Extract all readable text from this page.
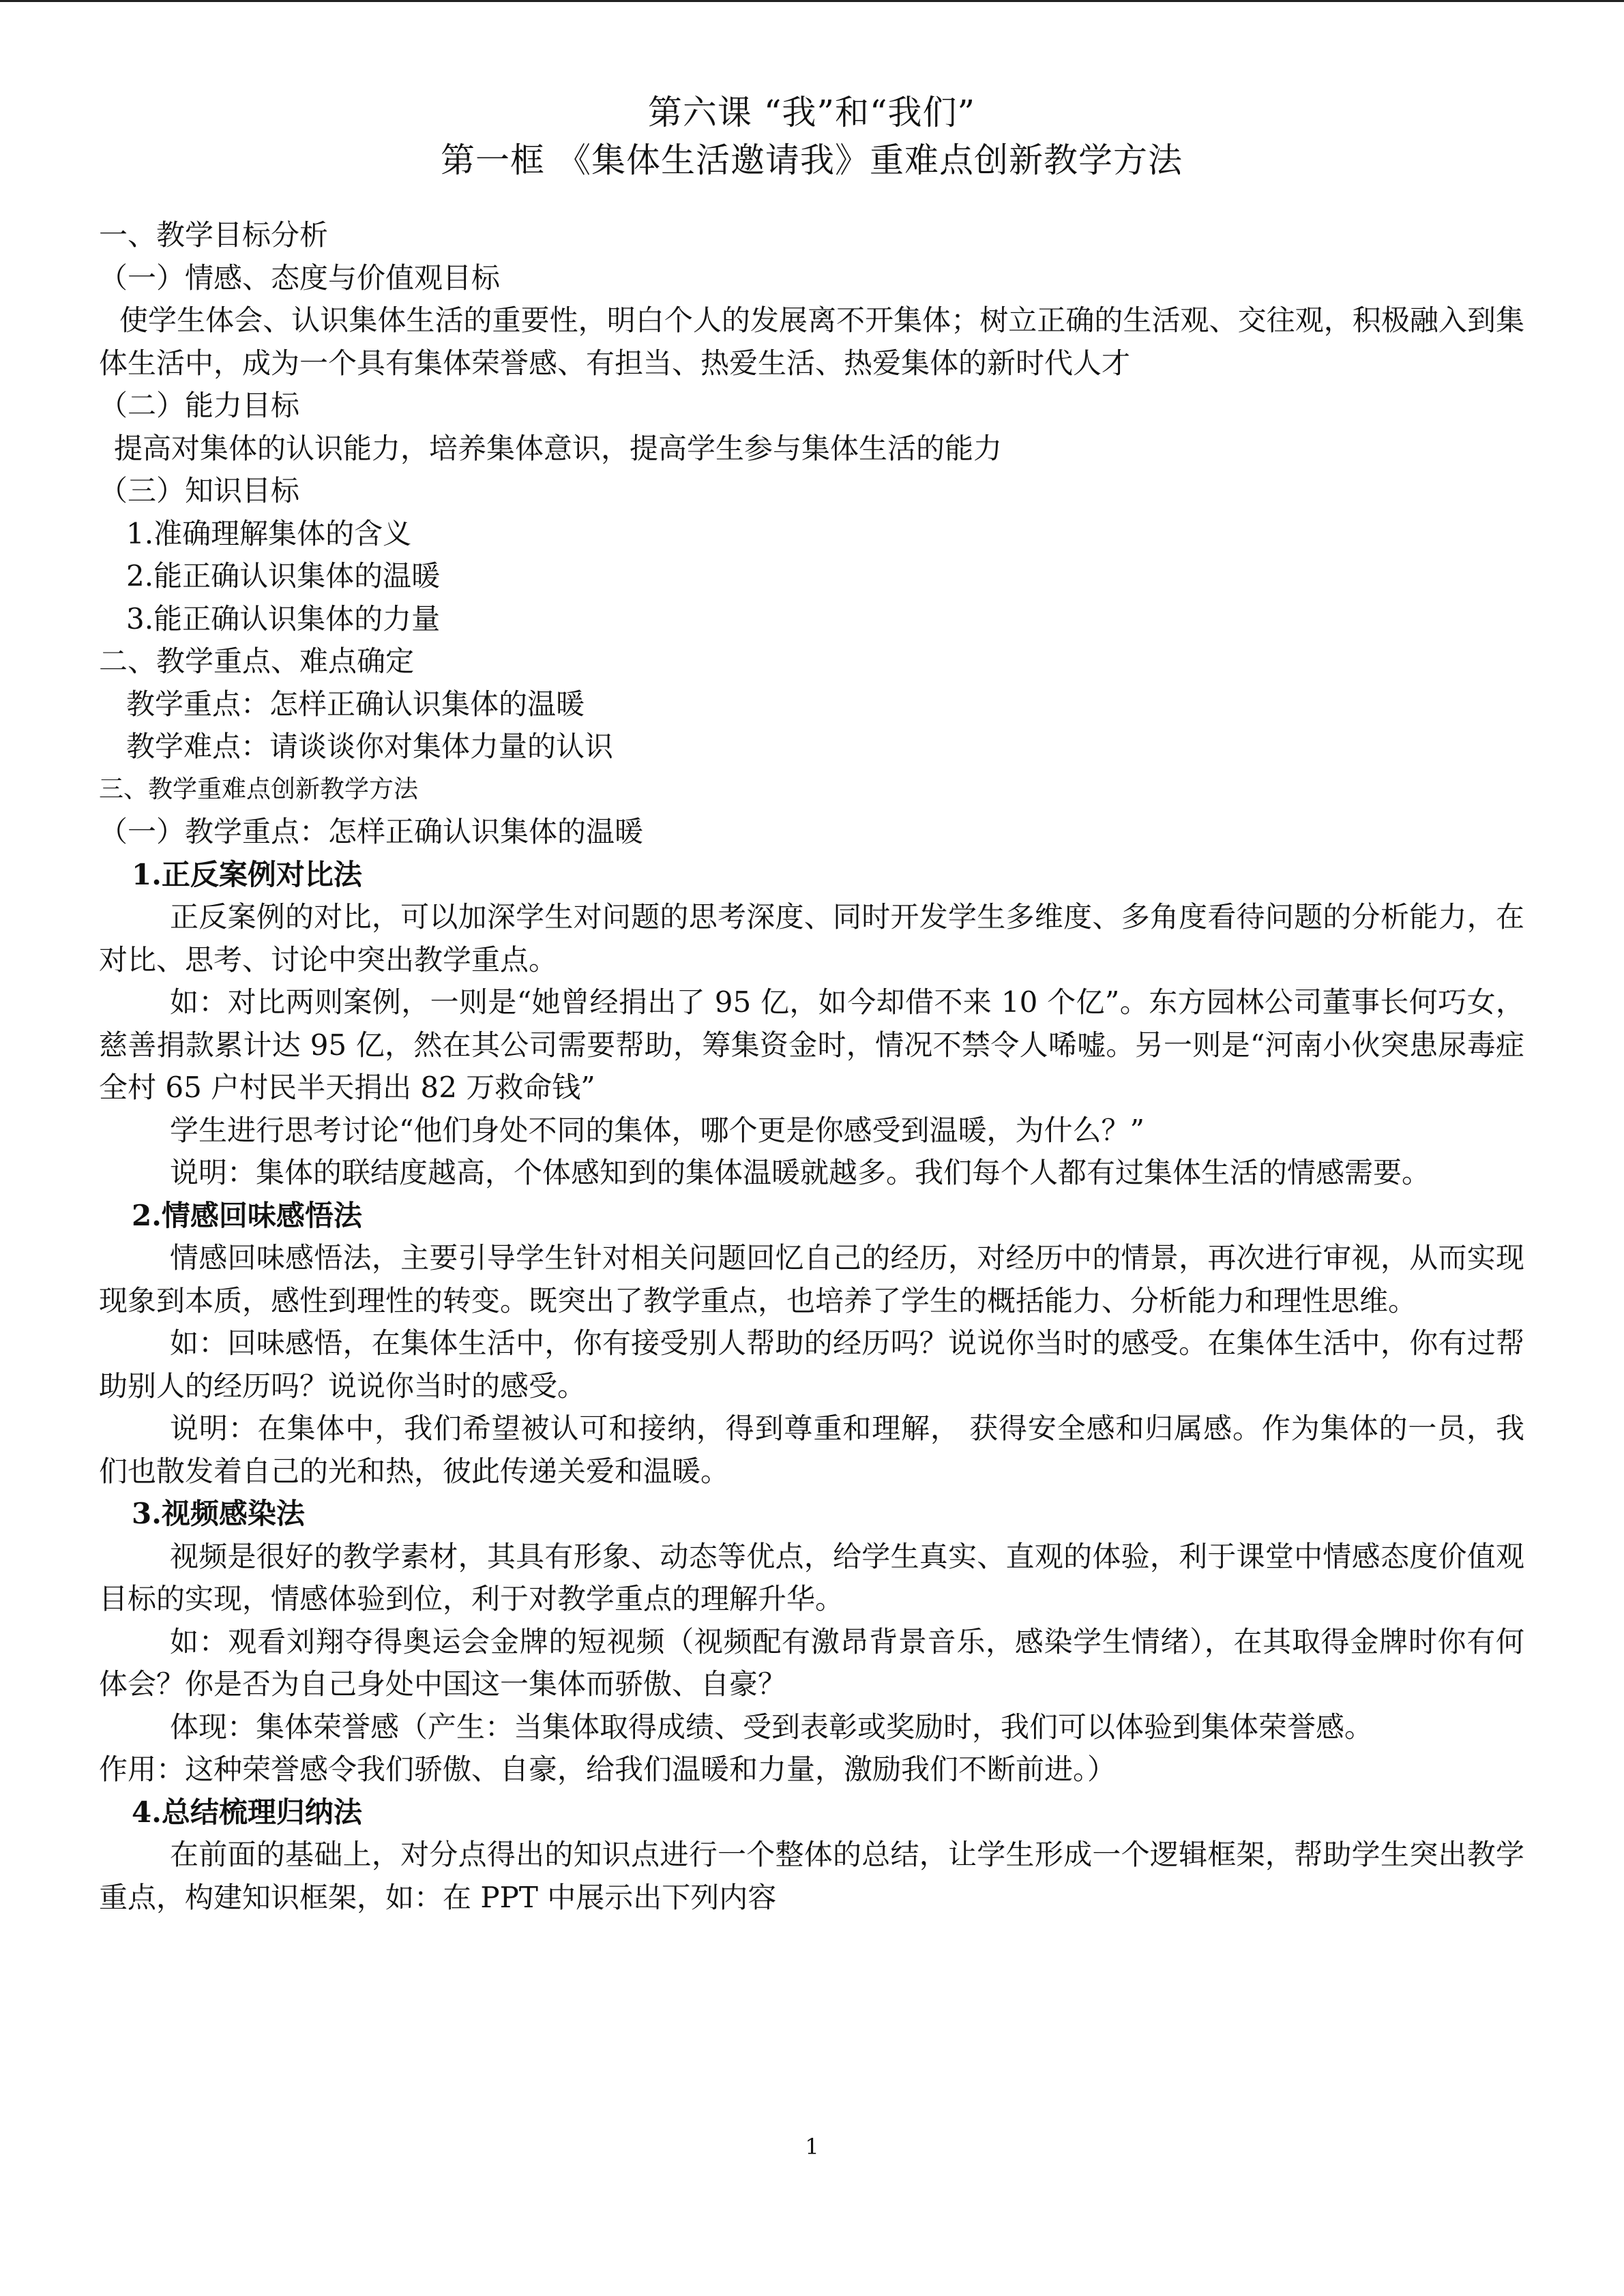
第六课 “我”和“我们”
第一框 《集体生活邀请我》重难点创新教学方法

一、教学目标分析

（一）情感、态度与价值观目标

使学生体会、认识集体生活的重要性，明白个人的发展离不开集体；树立正确的生活观、交往观，积极融入到集体生活中，成为一个具有集体荣誉感、有担当、热爱生活、热爱集体的新时代人才

（二）能力目标

提高对集体的认识能力，培养集体意识，提高学生参与集体生活的能力

（三）知识目标

1.准确理解集体的含义

2.能正确认识集体的温暖

3.能正确认识集体的力量

二、教学重点、难点确定

教学重点：怎样正确认识集体的温暖

教学难点：请谈谈你对集体力量的认识

三、教学重难点创新教学方法

（一）教学重点：怎样正确认识集体的温暖

1.正反案例对比法

正反案例的对比，可以加深学生对问题的思考深度、同时开发学生多维度、多角度看待问题的分析能力，在对比、思考、讨论中突出教学重点。

如：对比两则案例，一则是“她曾经捐出了 95 亿，如今却借不来 10 个亿”。东方园林公司董事长何巧女，慈善捐款累计达 95 亿，然在其公司需要帮助，筹集资金时，情况不禁令人唏嘘。另一则是“河南小伙突患尿毒症 全村 65 户村民半天捐出 82 万救命钱”

学生进行思考讨论“他们身处不同的集体，哪个更是你感受到温暖，为什么？”

说明：集体的联结度越高，个体感知到的集体温暖就越多。我们每个人都有过集体生活的情感需要。

2.情感回味感悟法

情感回味感悟法，主要引导学生针对相关问题回忆自己的经历，对经历中的情景，再次进行审视，从而实现现象到本质，感性到理性的转变。既突出了教学重点，也培养了学生的概括能力、分析能力和理性思维。

如：回味感悟，在集体生活中，你有接受别人帮助的经历吗？说说你当时的感受。在集体生活中，你有过帮助别人的经历吗？说说你当时的感受。

说明：在集体中，我们希望被认可和接纳，得到尊重和理解， 获得安全感和归属感。作为集体的一员，我们也散发着自己的光和热，彼此传递关爱和温暖。

3.视频感染法

视频是很好的教学素材，其具有形象、动态等优点，给学生真实、直观的体验，利于课堂中情感态度价值观目标的实现，情感体验到位，利于对教学重点的理解升华。

如：观看刘翔夺得奥运会金牌的短视频（视频配有激昂背景音乐，感染学生情绪），在其取得金牌时你有何体会？你是否为自己身处中国这一集体而骄傲、自豪？

体现：集体荣誉感（产生：当集体取得成绩、受到表彰或奖励时，我们可以体验到集体荣誉感。

作用：这种荣誉感令我们骄傲、自豪，给我们温暖和力量，激励我们不断前进。）

4.总结梳理归纳法

在前面的基础上，对分点得出的知识点进行一个整体的总结，让学生形成一个逻辑框架，帮助学生突出教学重点，构建知识框架，如：在 PPT 中展示出下列内容

1
